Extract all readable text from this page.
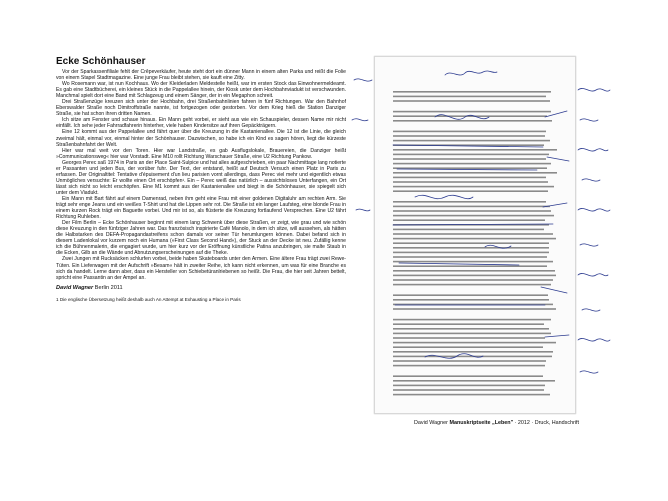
Ecke Schönhauser

Vor der Sparkassenfiliale fehlt der Crêpeverkäufer, heute steht dort ein dünner Mann in einem alten Parka und reißt die Folie von einem Stapel Stadtmagazine. Eine junge Frau bleibt stehen, sie kauft eine Zitty.

Wo Rosemann war, ist nun Kochhaus. Wo der Kleiderladen Meldestelle heißt, war im ersten Stock das Einwohnermeldeamt. Es gab eine Stadtbücherei, ein kleines Stück in die Pappelallee hinein, der Kiosk unter dem Hochbahnviadukt ist verschwunden. Manchmal spielt dort eine Band mit Schlagzeug und einem Sänger, der in ein Megaphon schreit.

Drei Straßenzüge kreuzen sich unter der Hochbahn, drei Straßenbahnlinien fahren in fünf Richtungen. War den Bahnhof Eberswalder Straße noch Dimitroffstraße nannte, ist fortgezogen oder gestorben. Vor dem Krieg hieß die Station Danziger Straße, sie hat schon ihren dritten Namen.

Ich sitze am Fenster und schaue hinaus. Ein Mann geht vorbei, er sieht aus wie ein Schauspieler, dessen Name mir nicht einfällt. Ich sehe jeder Fahrradfahrerin hinterher, viele haben Kindersitze auf ihren Gepäckträgern.

Eine 12 kommt aus der Pappelallee und fährt quer über die Kreuzung in die Kastanienallee. Die 12 ist die Linie, die gleich zweimal hält, einmal vor, einmal hinter der Schönhauser. Dazwischen, so habe ich ein Kind es sagen hören, liegt die kürzeste Straßenbahnfahrt der Welt.

Hier war mal weit vor den Toren. Hier war Landstraße, es gab Ausflugslokale, Brauereien, die Danziger heißt »Communicationsweg« hier war Vorstadt. Eine M10 rollt Richtung Warschauer Straße, eine U2 Richtung Pankow.

Georges Perec saß 1974 in Paris an der Place Saint-Sulpice und hat alles aufgeschrieben, ein paar Nachmittage lang notierte er Passanten und jeden Bus, der vorüber fuhr. Der Text, der entstand, heißt auf Deutsch Versuch einen Platz in Paris zu erfassen. Der Originaltitel: Tentative d'épuisement d'un lieu parisien vornt allerdings, dass Perec viel mehr und eigentlich etwas Unmögliches versuchte: Er wollte einen Ort erschöpfen¹. Ein – Perec weiß das natürlich – aussichtsloses Unterfangen, ein Ort lässt sich nicht so leicht erschöpfen. Eine M1 kommt aus der Kastanienallee und biegt in die Schönhauser, sie spiegelt sich unter dem Viadukt.

Ein Mann mit Bart fährt auf einem Damenrad, neben ihm geht eine Frau mit einer goldenen Digitaluhr am rechten Arm. Sie trägt sehr enge Jeans und ein weißes T-Shirt und hat die Lippen sehr rot. Die Straße ist ein langer Laufsteg, eine blonde Frau in einem kurzen Rock trägt ein Baguette vorbei. Und mir ist so, als flüsterte die Kreuzung fortlaufend Versprechen. Eine U2 fährt Richtung Ruhleben.

Der Film Berlin – Ecke Schönhauser beginnt mit einem lang Schwenk über diese Straßen, er zeigt, wie grau und wie schön diese Kreuzung in den fünfziger Jahren war. Das französisch inspirierte Café Manolo, in dem ich sitze, will aussehen, als hätten die Halbstarken des DEFA-Propagandastreifens schon damals vor seiner Tür herumlungern können. Dabei befand sich in diesem Ladenlokal vor kurzem noch ein Humana (»First Class Second Hand«), der Stuck an der Decke ist neu. Zufällig kenne ich die Bühnenmalerin, die engagiert wurde, um hier kurz vor der Eröffnung künstliche Patina anzubringen, sie malte Staub in die Ecken, Gilb an die Wände und Abnutzungserscheinungen auf die Theke.

Zwei Jungen mit Rucksäcken schlurfen vorbei, beide haben Skateboards unter den Armen. Eine ältere Frau trägt zwei Rewe-Tüten. Ein Lieferwagen mit der Aufschrift »Besam« hält in zweiter Reihe, ich kann nicht erkennen, um was für eine Branche es sich da handelt. Lerne dann aber, dass ein Hersteller von Schiebetüranlriebenen so heißt. Die Frau, die hier seit Jahren bettelt, spricht eine Passantin an der Ampel an.

David Wagner Berlin 2011
1 Die englische Übersetzung heißt deshalb auch An Attempt at Exhausting a Place in Paris
David Wagner Manuskriptseite „Leben" · 2012 · Druck, Handschrift
